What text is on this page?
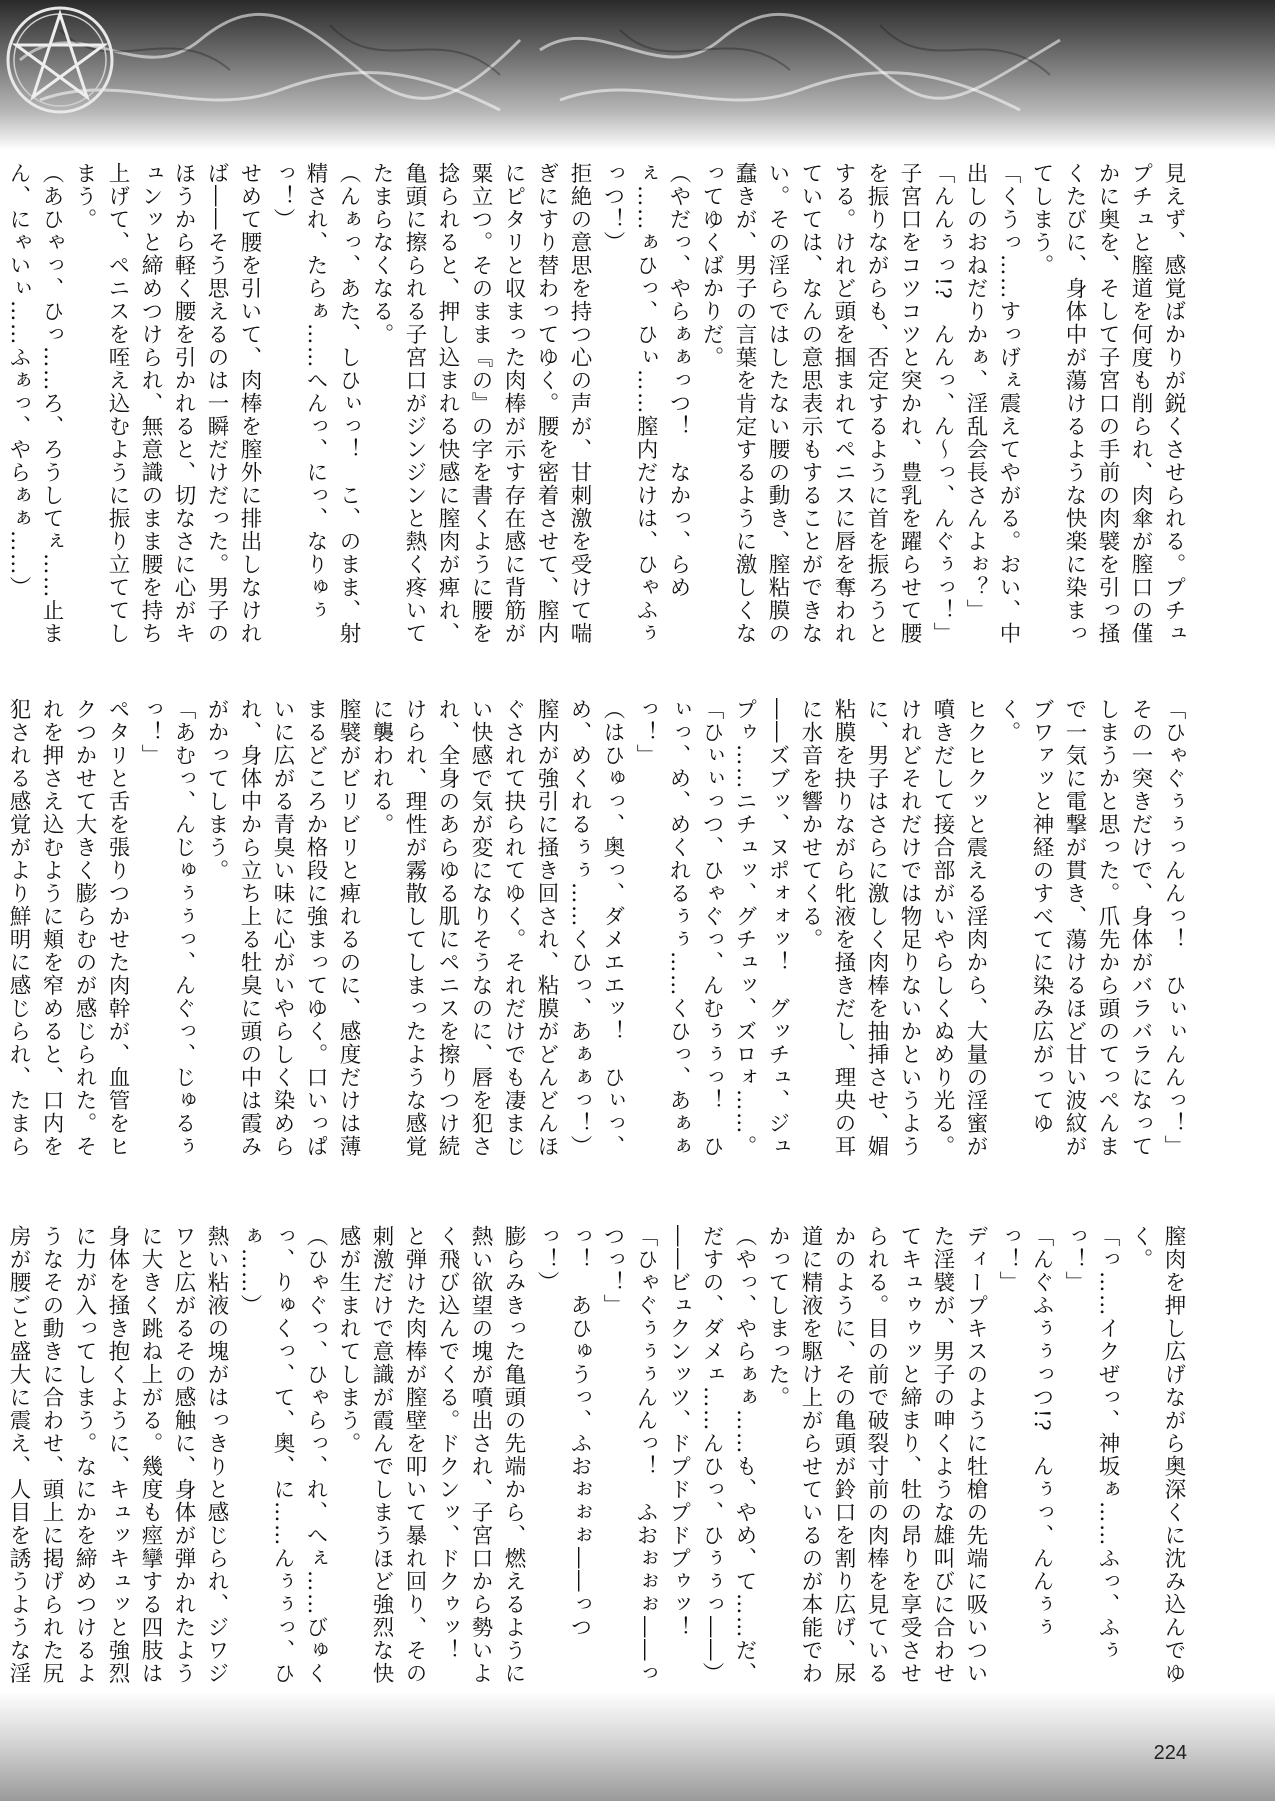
見えず、感覚ばかりが鋭くさせられる。プチュプチュと膣道を何度も削られ、肉傘が膣口の僅かに奥を、そして子宮口の手前の肉襞を引っ掻くたびに、身体中が蕩けるような快楽に染まってしまう。

「くうっ……すっげぇ震えてやがる。おい、中出しのおねだりかぁ、淫乱会長さんよぉ？」

「んんぅっ!?　んんっ、ん～っ、んぐぅっ！」

子宮口をコツコツと突かれ、豊乳を躍らせて腰を振りながらも、否定するように首を振ろうとする。けれど頭を掴まれてペニスに唇を奪われていては、なんの意思表示もすることができない。その淫らではしたない腰の動き、膣粘膜の蠢きが、男子の言葉を肯定するように激しくなってゆくばかりだ。

（やだっ、やらぁぁっつ！　なかっ、らめぇ……ぁひっ、ひぃ……膣内だけは、ひゃふぅっつ！）

拒絶の意思を持つ心の声が、甘刺激を受けて喘ぎにすり替わってゆく。腰を密着させて、膣内にピタリと収まった肉棒が示す存在感に背筋が粟立つ。そのまま『の』の字を書くように腰を捻られると、押し込まれる快感に膣肉が痺れ、亀頭に擦られる子宮口がジンジンと熱く疼いてたまらなくなる。

（んぁっ、あた、しひぃっ！　こ、のまま、射精され、たらぁ……へんっ、にっ、なりゅぅっ！）

せめて腰を引いて、肉棒を膣外に排出しなければ――そう思えるのは一瞬だけだった。男子のほうから軽く腰を引かれると、切なさに心がキュンッと締めつけられ、無意識のまま腰を持ち上げて、ペニスを咥え込むように振り立ててしまう。

（あひゃっ、ひっ……ろ、ろうしてぇ……止まん、にゃいぃ……ふぁっ、やらぁぁ……）

「ひゃぐぅぅっんんっ！　ひぃぃんんっ！」

その一突きだけで、身体がバラバラになってしまうかと思った。爪先から頭のてっぺんまで一気に電撃が貫き、蕩けるほど甘い波紋がブワァッと神経のすべてに染み広がってゆく。

ヒクヒクッと震える淫肉から、大量の淫蜜が噴きだして接合部がいやらしくぬめり光る。けれどそれだけでは物足りないかというように、男子はさらに激しく肉棒を抽挿させ、媚粘膜を抉りながら牝液を掻きだし、理央の耳に水音を響かせてくる。

――ズブッ、ヌポォォッ！　グッチュ、ジュプゥ……ニチュッ、グチュッ、ズロォ……。

「ひぃぃっつ、ひゃぐっ、んむぅぅっ！　ひぃっ、め、めくれるぅぅ……くひっ、あぁぁっ！」

（はひゅっ、奥っ、ダメエエッ！　ひぃっ、め、めくれるぅぅ……くひっ、あぁぁっ！）

膣内が強引に掻き回され、粘膜がどんどんほぐされて抉られてゆく。それだけでも凄まじい快感で気が変になりそうなのに、唇を犯され、全身のあらゆる肌にペニスを擦りつけ続けられ、理性が霧散してしまったような感覚に襲われる。

膣襞がビリビリと痺れるのに、感度だけは薄まるどころか格段に強まってゆく。口いっぱいに広がる青臭い味に心がいやらしく染められ、身体中から立ち上る牡臭に頭の中は霞みがかってしまう。

「あむっ、んじゅぅぅっ、んぐっ、じゅるぅっ！」

ペタリと舌を張りつかせた肉幹が、血管をヒクつかせて大きく膨らむのが感じられた。それを押さえ込むように頬を窄めると、口内を犯される感覚がより鮮明に感じられ、たまら

膣肉を押し広げながら奥深くに沈み込んでゆく。

「っ……イクぜっ、神坂ぁ……ふっ、ふぅっ！」

「んぐふぅぅっつ!?　んぅっ、んんぅぅっ！」

ディープキスのように牡槍の先端に吸いついた淫襞が、男子の呻くような雄叫びに合わせてキュゥゥッと締まり、牡の昂りを享受させられる。目の前で破裂寸前の肉棒を見ているかのように、その亀頭が鈴口を割り広げ、尿道に精液を駆け上がらせているのが本能でわかってしまった。

（やっ、やらぁぁ……も、やめ、て……だ、だすの、ダメェ……んひっ、ひぅぅっ――）

――ビュクンッツ、ドプドプドプゥッ！

「ひゃぐぅぅぅんんっ！　ふおぉぉぉ――っつっ！」

っ！　あひゅうっ、ふおぉぉぉ――っつっ！）

膨らみきった亀頭の先端から、燃えるように熱い欲望の塊が噴出され、子宮口から勢いよく飛び込んでくる。ドクンッ、ドクゥッ！　と弾けた肉棒が膣壁を叩いて暴れ回り、その刺激だけで意識が霞んでしまうほど強烈な快感が生まれてしまう。

（ひゃぐっ、ひゃらっ、れ、へぇ……びゅくっ、りゅくっ、て、奥、に……んぅぅっ、ひぁ……）

熱い粘液の塊がはっきりと感じられ、ジワジワと広がるその感触に、身体が弾かれたように大きく跳ね上がる。幾度も痙攣する四肢は身体を掻き抱くように、キュッキュッと強烈に力が入ってしまう。なにかを締めつけるようなその動きに合わせ、頭上に掲げられた尻房が腰ごと盛大に震え、人目を誘うような淫

224
